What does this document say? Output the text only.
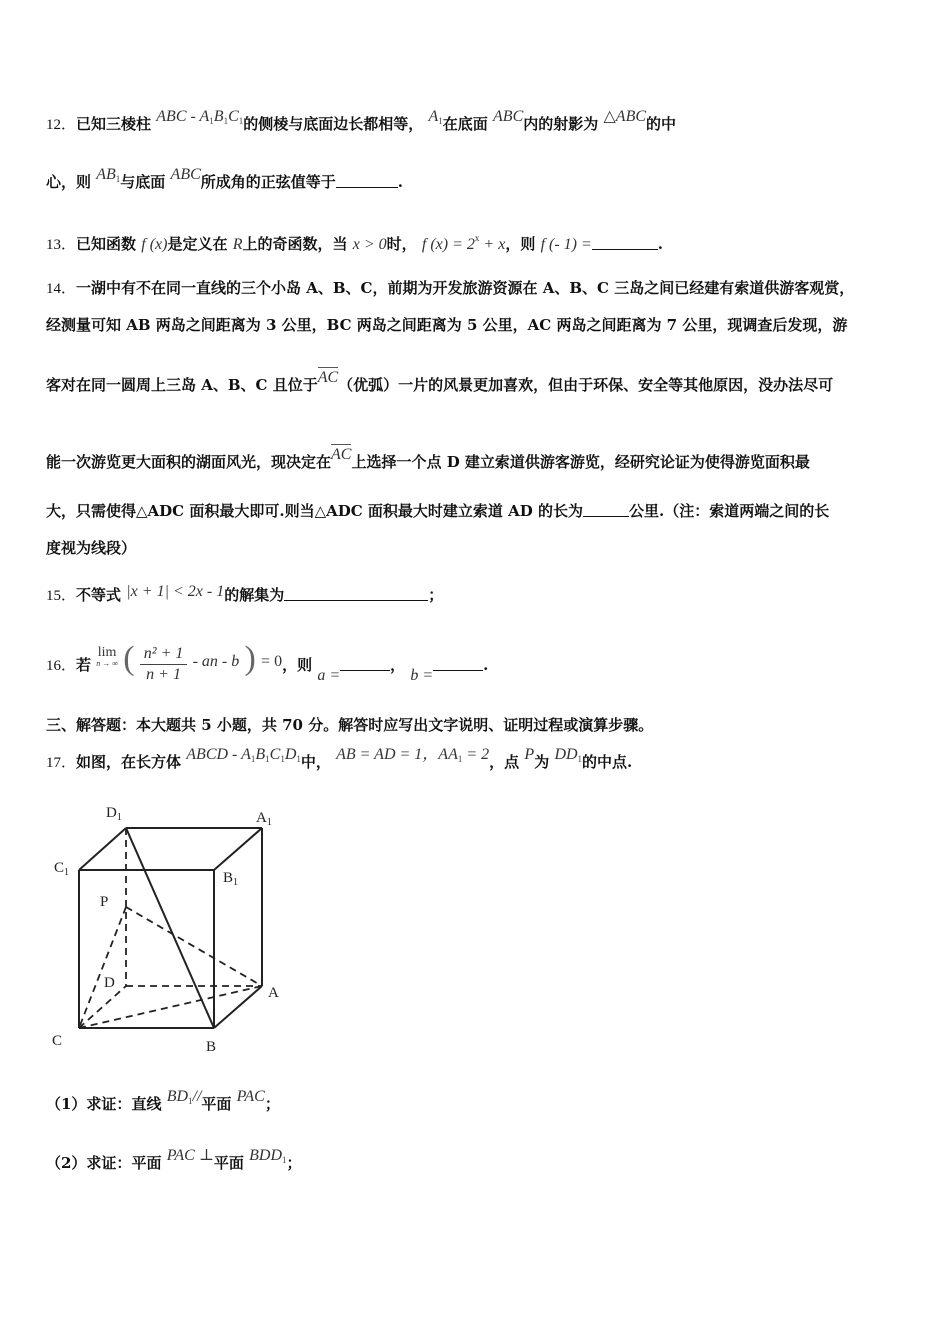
12．已知三棱柱 ABC - $A_1B_1C_1$的侧棱与底面边长都相等， $A_1$在底面 ABC内的射影为 △ABC的中
心，则 $AB_1$与底面 ABC所成角的正弦值等于	.
13．已知函数 f (x)是定义在 R上的奇函数，当 x > 0时， f $(x) = 2^x + x$，则 f (- 1) =	.
14．一湖中有不在同一直线的三个小岛 A、B、C，前期为开发旅游资源在 A、B、C 三岛之间已经建有索道供游客观赏，
经测量可知 AB 两岛之间距离为 3 公里，BC 两岛之间距离为 5 公里，AC 两岛之间距离为 7 公里，现调查后发现，游
客对在同一圆周上三岛 A、B、C 且位于AC（优弧）一片的风景更加喜欢，但由于环保、安全等其他原因，没办法尽可
能一次游览更大面积的湖面风光，现决定在AC上选择一个点 D 建立索道供游客游览，经研究论证为使得游览面积最
大，只需使得△ADC 面积最大即可.则当△ADC 面积最大时建立索道 AD 的长为	公里.（注：索道两端之间的长
度视为线段）
15．不等式 |x + 1| < 2x - 1的解集为	；
16．若
lim
n → ∞ ( $\frac{\text{n² + 1}}{n + 1}$ - an - b ) = 0，则 a =， b =.
三、解答题：本大题共 5 小题，共 70 分。解答时应写出文字说明、证明过程或演算步骤。
17．如图，在长方体 ABCD - $A_1B_1C_1D_1$中， AB = AD = 1，$AA_1 = 2$，点 P为 $DD_1$的中点.
$D_1$	$A_1$
$C_1$	$B_1$
P
D
A
C	B
（1）求证：直线 $BD_1//$平面 PAC；
（2）求证：平面 PAC ⊥平面 $BDD_1$；
